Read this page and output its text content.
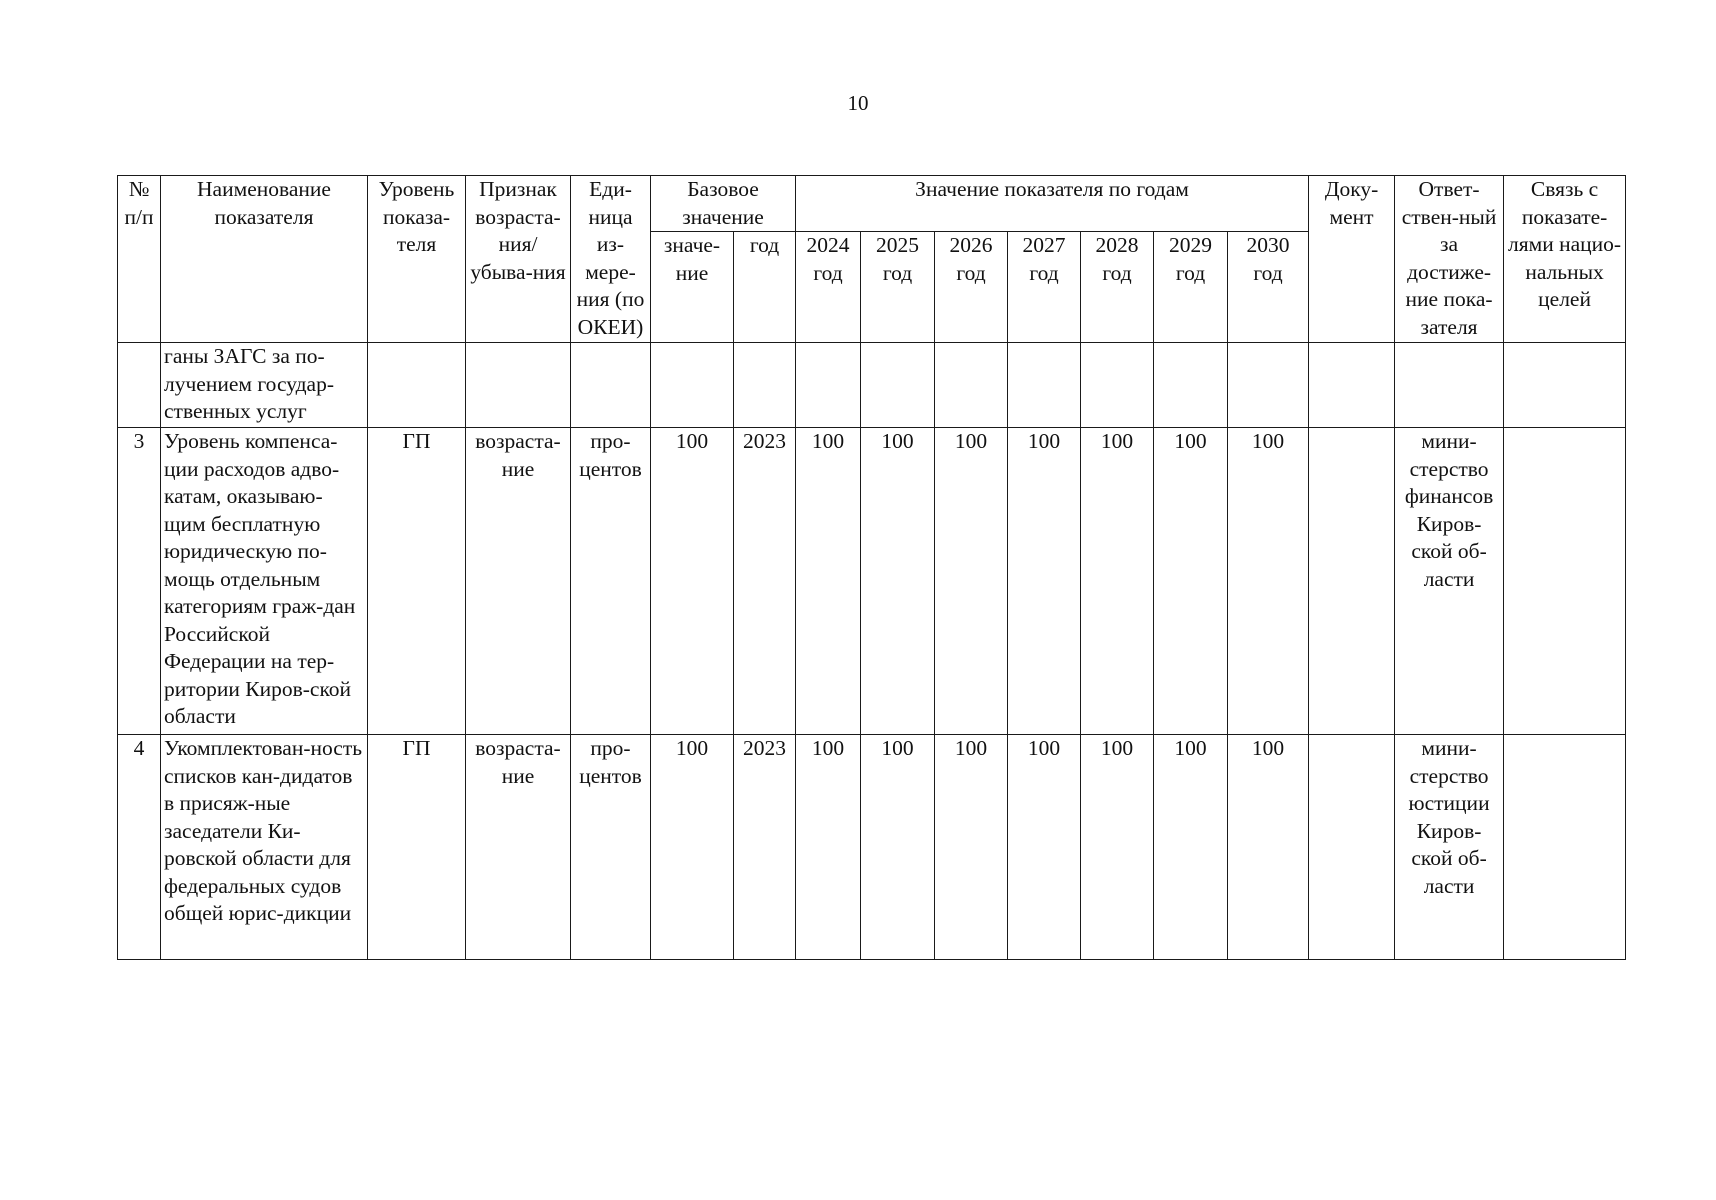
10
№ п/п	Наименование показателя	Уровень показа-теля	Признак возраста-ния/ убыва-ния	Еди-ница из-мере-ния (по ОКЕИ)	Базовое значение		Значение показателя по годам							Доку-мент	Ответ-ствен-ный за достиже-ние пока-зателя	Связь с показате-лями нацио-нальных целей
					значе-ние	год	2024 год	2025 год	2026 год	2027 год	2028 год	2029 год	2030 год			
	ганы ЗАГС за по-лучением государ-ственных услуг															
3	Уровень компенса-ции расходов адво-катам, оказываю-щим бесплатную юридическую по-мощь отдельным категориям граж-дан Российской Федерации на тер-ритории Киров-ской области	ГП	возраста-ние	про-центов	100	2023	100	100	100	100	100	100	100		мини-стерство финансов Киров-ской об-ласти	
4	Укомплектован-ность списков кан-дидатов в присяж-ные заседатели Ки-ровской области для федеральных судов общей юрис-дикции	ГП	возраста-ние	про-центов	100	2023	100	100	100	100	100	100	100		мини-стерство юстиции Киров-ской об-ласти	
